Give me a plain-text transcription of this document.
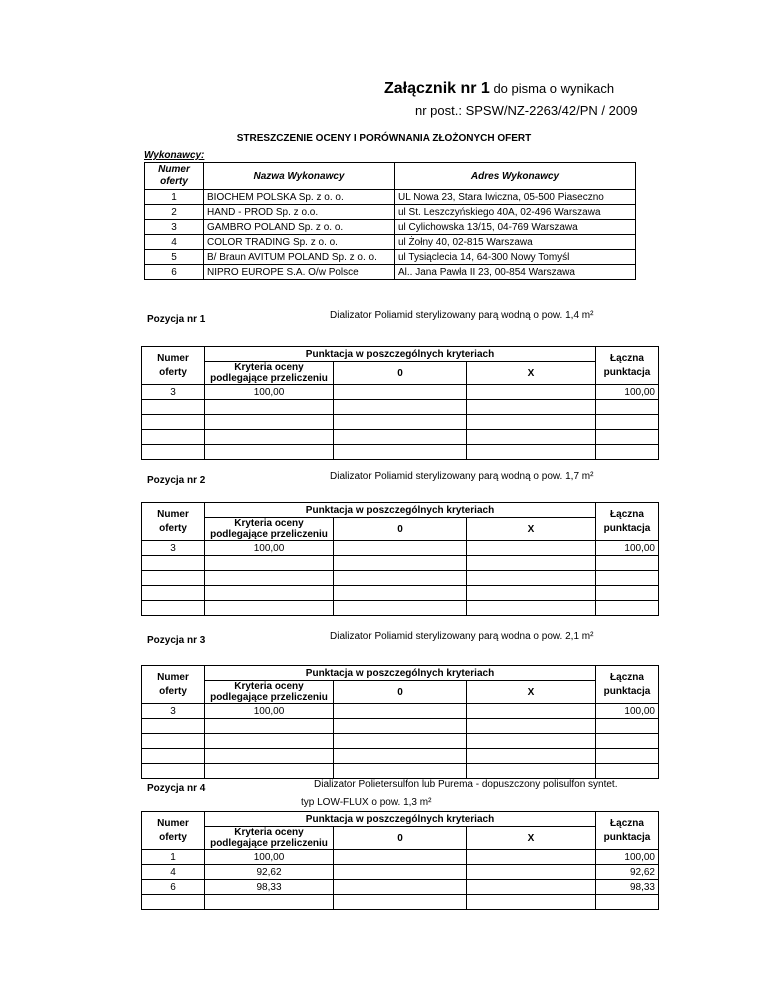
Załącznik nr 1 do pisma o wynikach
nr post.: SPSW/NZ-2263/42/PN / 2009
STRESZCZENIE OCENY I PORÓWNANIA ZŁOŻONYCH OFERT
Wykonawcy:
Numer
oferty	Nazwa Wykonawcy	Adres Wykonawcy
1	BIOCHEM POLSKA Sp. z o. o.	UL Nowa 23, Stara Iwiczna, 05-500 Piaseczno
2	HAND - PROD Sp. z o.o.	ul St. Leszczyńskiego 40A, 02-496 Warszawa
3	GAMBRO POLAND Sp. z o. o.	ul Cylichowska 13/15, 04-769 Warszawa
4	COLOR TRADING Sp. z o. o.	ul Żołny 40, 02-815 Warszawa
5	B/ Braun AVITUM POLAND Sp. z o. o.	ul Tysiąclecia 14, 64-300 Nowy Tomyśl
6	NIPRO EUROPE S.A. O/w Polsce	Al.. Jana Pawła II 23, 00-854 Warszawa
Pozycja nr 1	Dializator Poliamid sterylizowany parą wodną o pow. 1,4 m²
Numer
oferty	Punktacja w poszczególnych kryteriach			Łączna
punktacja
	Kryteria oceny
podlegające przeliczeniu	0	X	
3	100,00			100,00

Pozycja nr 2	Dializator Poliamid sterylizowany parą wodną o pow. 1,7 m²
Numer
oferty	Punktacja w poszczególnych kryteriach			Łączna
punktacja
	Kryteria oceny
podlegające przeliczeniu	0	X	
3	100,00			100,00

Pozycja nr 3	Dializator Poliamid sterylizowany parą wodna o pow. 2,1 m²
Numer
oferty	Punktacja w poszczególnych kryteriach			Łączna
punktacja
	Kryteria oceny
podlegające przeliczeniu	0	X	
3	100,00			100,00

Pozycja nr 4	Dializator Polietersulfon lub Purema - dopuszczony polisulfon syntet.
typ LOW-FLUX o pow. 1,3 m²
Numer
oferty	Punktacja w poszczególnych kryteriach			Łączna
punktacja
	Kryteria oceny
podlegające przeliczeniu	0	X	
1	100,00			100,00
4	92,62			92,62
6	98,33			98,33
